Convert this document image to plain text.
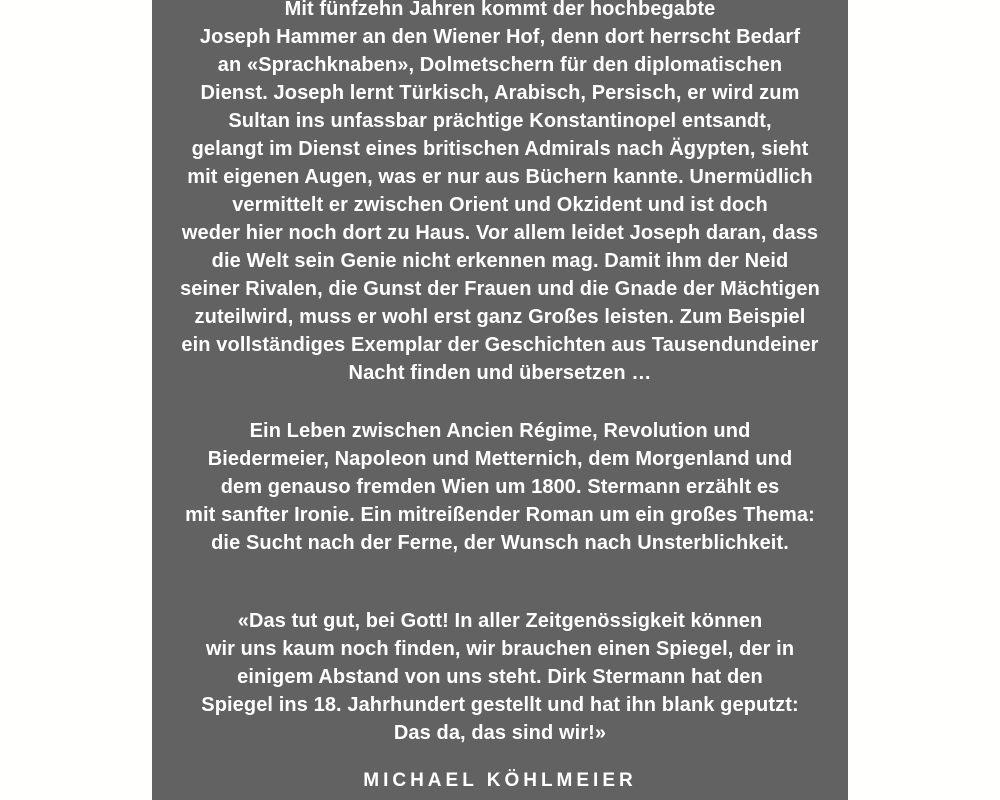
Mit fünfzehn Jahren kommt der hochbegabte
Joseph Hammer an den Wiener Hof, denn dort herrscht Bedarf
an «Sprachknaben», Dolmetschern für den diplomatischen
Dienst. Joseph lernt Türkisch, Arabisch, Persisch, er wird zum
Sultan ins unfassbar prächtige Konstantinopel entsandt,
gelangt im Dienst eines britischen Admirals nach Ägypten, sieht
mit eigenen Augen, was er nur aus Büchern kannte. Unermüdlich
vermittelt er zwischen Orient und Okzident und ist doch
weder hier noch dort zu Haus. Vor allem leidet Joseph daran, dass
die Welt sein Genie nicht erkennen mag. Damit ihm der Neid
seiner Rivalen, die Gunst der Frauen und die Gnade der Mächtigen
zuteilwird, muss er wohl erst ganz Großes leisten. Zum Beispiel
ein vollständiges Exemplar der Geschichten aus Tausendundeiner
Nacht finden und übersetzen …
Ein Leben zwischen Ancien Régime, Revolution und
Biedermeier, Napoleon und Metternich, dem Morgenland und
dem genauso fremden Wien um 1800. Stermann erzählt es
mit sanfter Ironie. Ein mitreißender Roman um ein großes Thema:
die Sucht nach der Ferne, der Wunsch nach Unsterblichkeit.
«Das tut gut, bei Gott! In aller Zeitgenössigkeit können
wir uns kaum noch finden, wir brauchen einen Spiegel, der in
einigem Abstand von uns steht. Dirk Stermann hat den
Spiegel ins 18. Jahrhundert gestellt und hat ihn blank geputzt:
Das da, das sind wir!»
MICHAEL KÖHLMEIER
